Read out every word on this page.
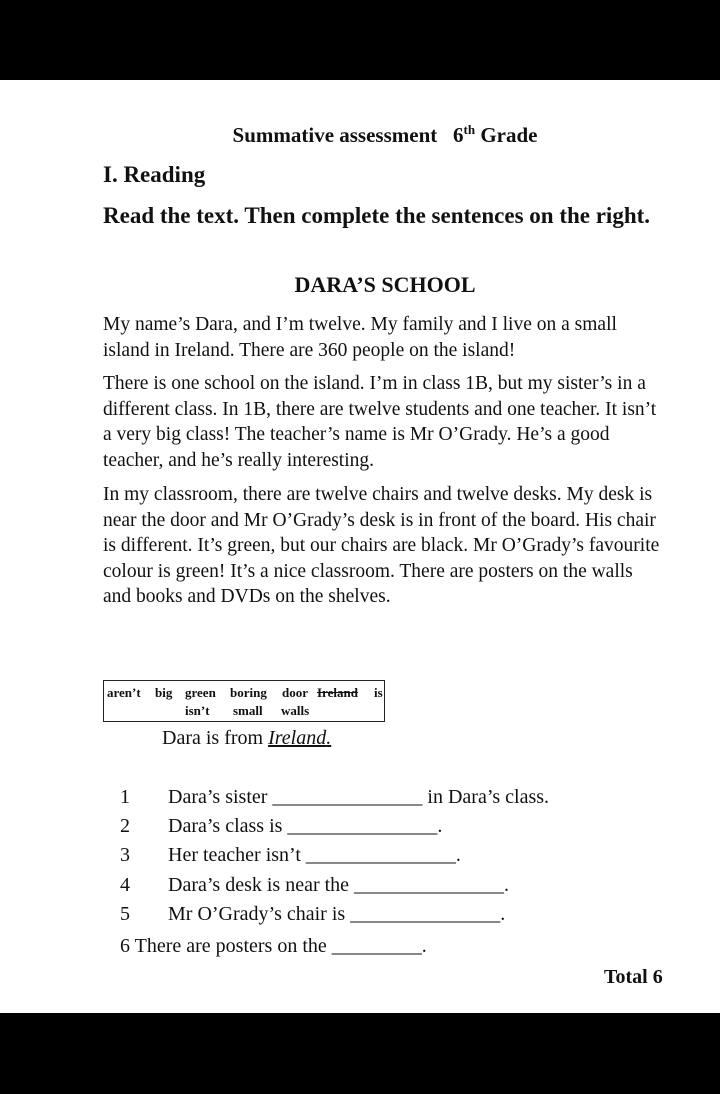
Summative assessment 6th Grade
I. Reading
Read the text. Then complete the sentences on the right.
DARA’S SCHOOL
My name’s Dara, and I’m twelve. My family and I live on a small island in Ireland. There are 360 people on the island!
There is one school on the island. I’m in class 1B, but my sister’s in a different class. In 1B, there are twelve students and one teacher. It isn’t a very big class! The teacher’s name is Mr O’Grady. He’s a good teacher, and he’s really interesting.
In my classroom, there are twelve chairs and twelve desks. My desk is near the door and Mr O’Grady’s desk is in front of the board. His chair is different. It’s green, but our chairs are black. Mr O’Grady’s favourite colour is green! It’s a nice classroom. There are posters on the walls and books and DVDs on the shelves.
aren’t big green boring door Ireland is
isn’t small walls
Dara is from Ireland.
1 Dara’s sister _______________ in Dara’s class.
2 Dara’s class is _______________.
3 Her teacher isn’t _______________.
4 Dara’s desk is near the _______________.
5 Mr O’Grady’s chair is _______________.
6 There are posters on the _________.
Total 6
